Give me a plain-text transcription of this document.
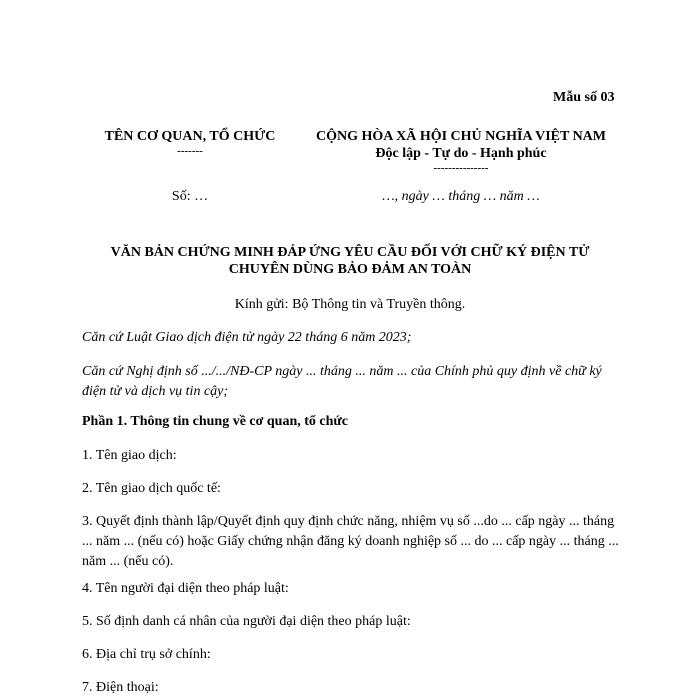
Mẫu số 03
TÊN CƠ QUAN, TỔ CHỨC
-------
CỘNG HÒA XÃ HỘI CHỦ NGHĨA VIỆT NAM
Độc lập - Tự do - Hạnh phúc
---------------
Số: …	…, ngày … tháng … năm …
VĂN BẢN CHỨNG MINH ĐÁP ỨNG YÊU CẦU ĐỐI VỚI CHỮ KÝ ĐIỆN TỬ
CHUYÊN DÙNG BẢO ĐẢM AN TOÀN
Kính gửi: Bộ Thông tin và Truyền thông.
Căn cứ Luật Giao dịch điện tử ngày 22 tháng 6 năm 2023;
Căn cứ Nghị định số .../.../NĐ-CP ngày ... tháng ... năm ... của Chính phủ quy định về chữ ký điện tử và dịch vụ tin cậy;
Phần 1. Thông tin chung về cơ quan, tổ chức
1. Tên giao dịch:
2. Tên giao dịch quốc tế:
3. Quyết định thành lập/Quyết định quy định chức năng, nhiệm vụ số ...do ... cấp ngày ... tháng ... năm ... (nếu có) hoặc Giấy chứng nhận đăng ký doanh nghiệp số ... do ... cấp ngày ... tháng ... năm ... (nếu có).
4. Tên người đại diện theo pháp luật:
5. Số định danh cá nhân của người đại diện theo pháp luật:
6. Địa chỉ trụ sở chính:
7. Điện thoại:
